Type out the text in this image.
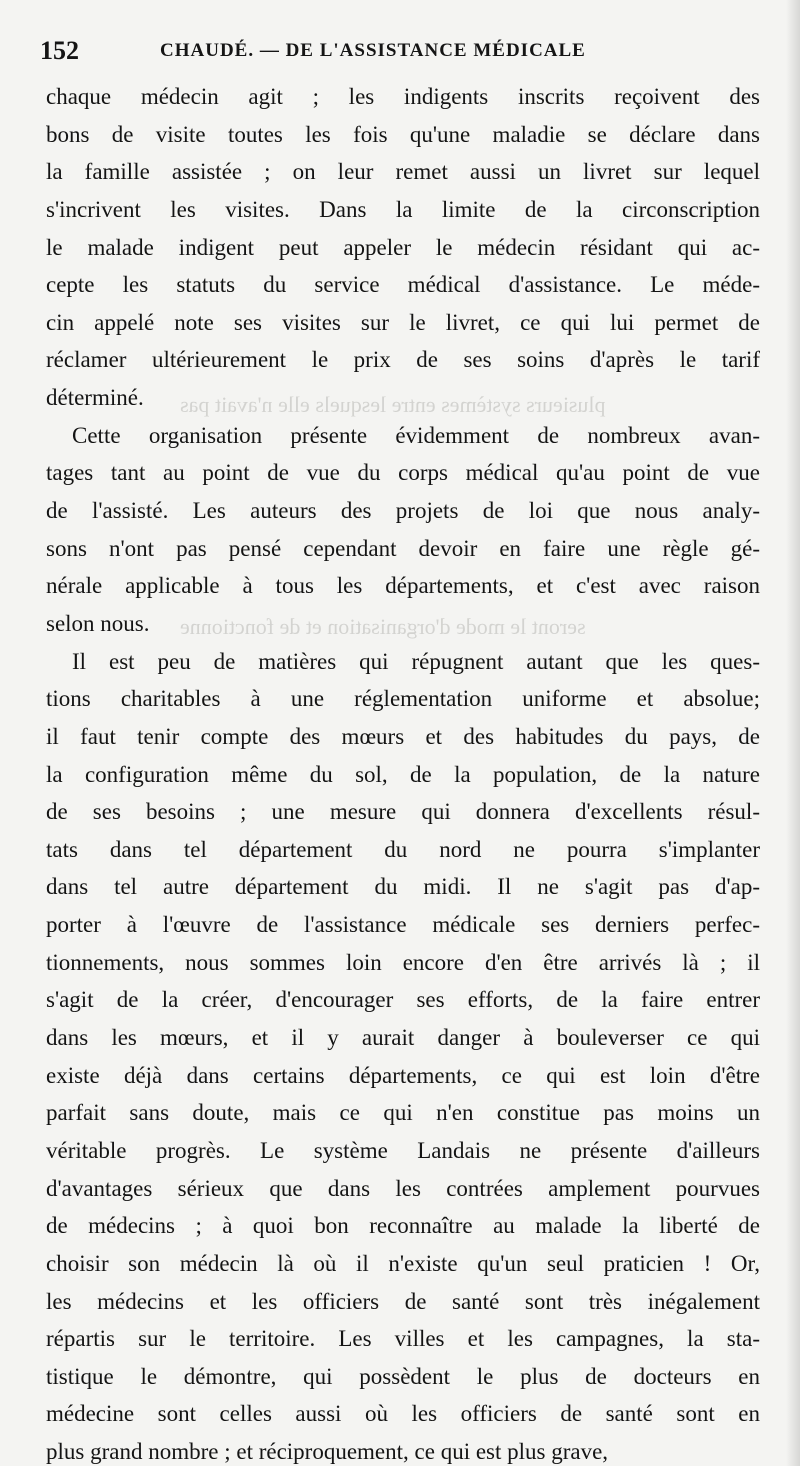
plusieurs systèmes entre lesquels elle n'avait pas
seront le mode d'organisation et de fonctionne
152	CHAUDÉ. — DE L'ASSISTANCE MÉDICALE
chaque médecin agit ; les indigents inscrits reçoivent des
bons de visite toutes les fois qu'une maladie se déclare dans
la famille assistée ; on leur remet aussi un livret sur lequel
s'incrivent les visites. Dans la limite de la circonscription
le malade indigent peut appeler le médecin résidant qui ac-
cepte les statuts du service médical d'assistance. Le méde-
cin appelé note ses visites sur le livret, ce qui lui permet de
réclamer ultérieurement le prix de ses soins d'après le tarif
déterminé.
Cette organisation présente évidemment de nombreux avan-
tages tant au point de vue du corps médical qu'au point de vue
de l'assisté. Les auteurs des projets de loi que nous analy-
sons n'ont pas pensé cependant devoir en faire une règle gé-
nérale applicable à tous les départements, et c'est avec raison
selon nous.
Il est peu de matières qui répugnent autant que les ques-
tions charitables à une réglementation uniforme et absolue;
il faut tenir compte des mœurs et des habitudes du pays, de
la configuration même du sol, de la population, de la nature
de ses besoins ; une mesure qui donnera d'excellents résul-
tats dans tel département du nord ne pourra s'implanter
dans tel autre département du midi. Il ne s'agit pas d'ap-
porter à l'œuvre de l'assistance médicale ses derniers perfec-
tionnements, nous sommes loin encore d'en être arrivés là ; il
s'agit de la créer, d'encourager ses efforts, de la faire entrer
dans les mœurs, et il y aurait danger à bouleverser ce qui
existe déjà dans certains départements, ce qui est loin d'être
parfait sans doute, mais ce qui n'en constitue pas moins un
véritable progrès. Le système Landais ne présente d'ailleurs
d'avantages sérieux que dans les contrées amplement pourvues
de médecins ; à quoi bon reconnaître au malade la liberté de
choisir son médecin là où il n'existe qu'un seul praticien ! Or,
les médecins et les officiers de santé sont très inégalement
répartis sur le territoire. Les villes et les campagnes, la sta-
tistique le démontre, qui possèdent le plus de docteurs en
médecine sont celles aussi où les officiers de santé sont en
plus grand nombre ; et réciproquement, ce qui est plus grave,
